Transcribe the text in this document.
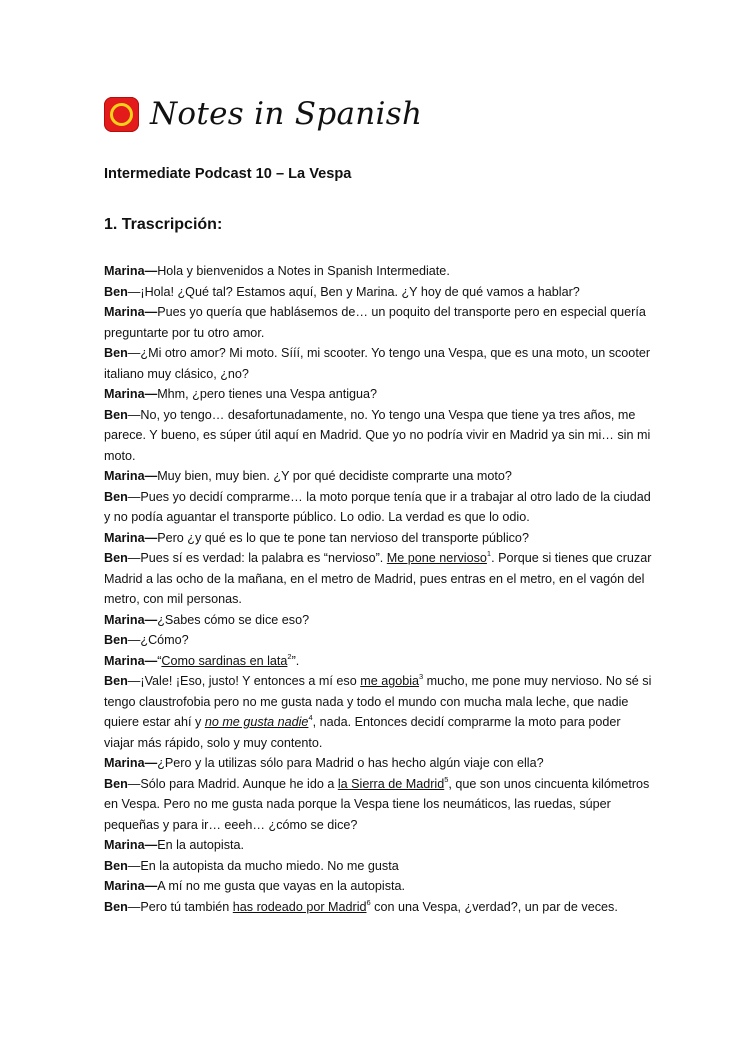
Notes in Spanish
Intermediate Podcast 10 – La Vespa
1. Trascripción:

Marina—Hola y bienvenidos a Notes in Spanish Intermediate.

Ben—¡Hola! ¿Qué tal? Estamos aquí, Ben y Marina. ¿Y hoy de qué vamos a hablar?

Marina—Pues yo quería que hablásemos de… un poquito del transporte pero en especial quería preguntarte por tu otro amor.

Ben—¿Mi otro amor? Mi moto. Sííí, mi scooter. Yo tengo una Vespa, que es una moto, un scooter italiano muy clásico, ¿no?

Marina—Mhm, ¿pero tienes una Vespa antigua?

Ben—No, yo tengo… desafortunadamente, no. Yo tengo una Vespa que tiene ya tres años, me parece. Y bueno, es súper útil aquí en Madrid. Que yo no podría vivir en Madrid ya sin mi… sin mi moto.

Marina—Muy bien, muy bien. ¿Y por qué decidiste comprarte una moto?

Ben—Pues yo decidí comprarme… la moto porque tenía que ir a trabajar al otro lado de la ciudad y no podía aguantar el transporte público. Lo odio. La verdad es que lo odio.

Marina—Pero ¿y qué es lo que te pone tan nervioso del transporte público?

Ben—Pues sí es verdad: la palabra es “nervioso”. Me pone nervioso$^1$. Porque si tienes que cruzar Madrid a las ocho de la mañana, en el metro de Madrid, pues entras en el metro, en el vagón del metro, con mil personas.

Marina—¿Sabes cómo se dice eso?

Ben—¿Cómo?

Marina—“Como sardinas en lata$^2$”.

Ben—¡Vale! ¡Eso, justo! Y entonces a mí eso me agobia$^3$ mucho, me pone muy nervioso. No sé si tengo claustrofobia pero no me gusta nada y todo el mundo con mucha mala leche, que nadie quiere estar ahí y no me gusta nadie$^4$, nada. Entonces decidí comprarme la moto para poder viajar más rápido, solo y muy contento.

Marina—¿Pero y la utilizas sólo para Madrid o has hecho algún viaje con ella?

Ben—Sólo para Madrid. Aunque he ido a la Sierra de Madrid$^5$, que son unos cincuenta kilómetros en Vespa. Pero no me gusta nada porque la Vespa tiene los neumáticos, las ruedas, súper pequeñas y para ir… eeeh… ¿cómo se dice?

Marina—En la autopista.

Ben—En la autopista da mucho miedo. No me gusta

Marina—A mí no me gusta que vayas en la autopista.

Ben—Pero tú también has rodeado por Madrid$^6$ con una Vespa, ¿verdad?, un par de veces.
